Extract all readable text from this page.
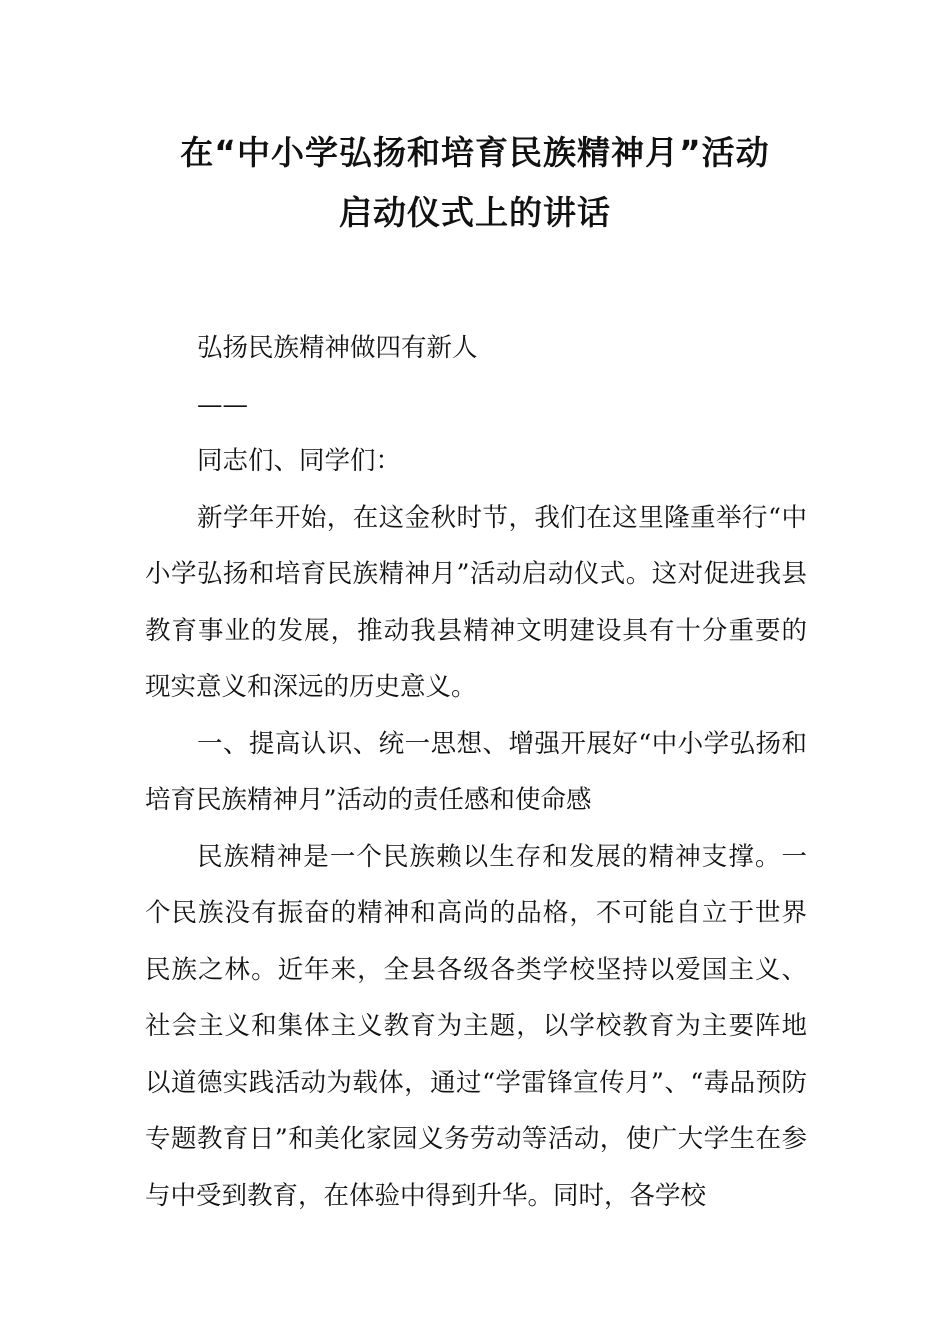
在“中小学弘扬和培育民族精神月”活动
启动仪式上的讲话

弘扬民族精神做四有新人

——

同志们、同学们：

新学年开始，在这金秋时节，我们在这里隆重举行“中小学弘扬和培育民族精神月”活动启动仪式。这对促进我县教育事业的发展，推动我县精神文明建设具有十分重要的现实意义和深远的历史意义。

一、提高认识、统一思想、增强开展好“中小学弘扬和培育民族精神月”活动的责任感和使命感

民族精神是一个民族赖以生存和发展的精神支撑。一个民族没有振奋的精神和高尚的品格，不可能自立于世界民族之林。近年来，全县各级各类学校坚持以爱国主义、社会主义和集体主义教育为主题，以学校教育为主要阵地以道德实践活动为载体，通过“学雷锋宣传月”、“毒品预防专题教育日”和美化家园义务劳动等活动，使广大学生在参与中受到教育，在体验中得到升华。同时，各学校
